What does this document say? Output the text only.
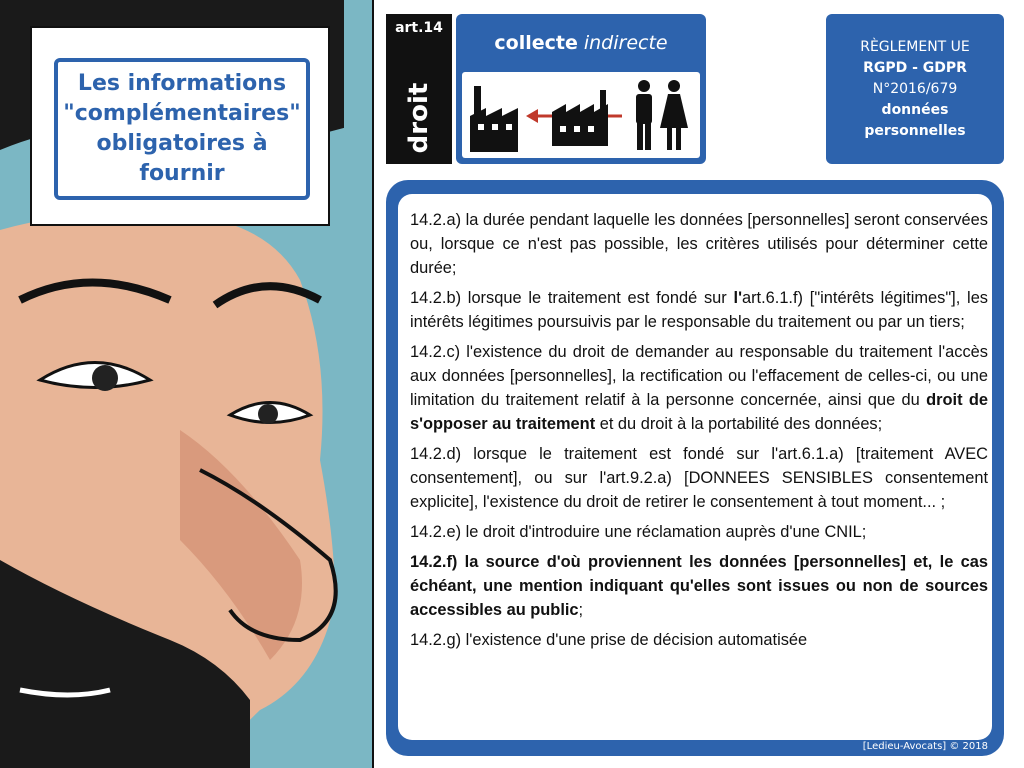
Les informations
"complémentaires"
obligatoires à
fournir
art.14
droit
collecte indirecte	RÈGLEMENT UE
RGPD - GDPR
N°2016/679
données
personnelles

14.2.a) la durée pendant laquelle les données [personnelles] seront conservées ou, lorsque ce n'est pas possible, les critères utilisés pour déterminer cette durée;

14.2.b) lorsque le traitement est fondé sur l'art.6.1.f) ["intérêts légitimes"], les intérêts légitimes poursuivis par le responsable du traitement ou par un tiers;

14.2.c) l'existence du droit de demander au responsable du traitement l'accès aux données [personnelles], la rectification ou l'effacement de celles-ci, ou une limitation du traitement relatif à la personne concernée, ainsi que du droit de s'opposer au traitement et du droit à la portabilité des données;

14.2.d) lorsque le traitement est fondé sur l'art.6.1.a) [traitement AVEC consentement], ou sur l'art.9.2.a) [DONNEES SENSIBLES consentement explicite], l'existence du droit de retirer le consentement à tout moment... ;

14.2.e) le droit d'introduire une réclamation auprès d'une CNIL;

14.2.f) la source d'où proviennent les données [personnelles] et, le cas échéant, une mention indiquant qu'elles sont issues ou non de sources accessibles au public;

14.2.g) l'existence d'une prise de décision automatisée

[Ledieu-Avocats] © 2018
